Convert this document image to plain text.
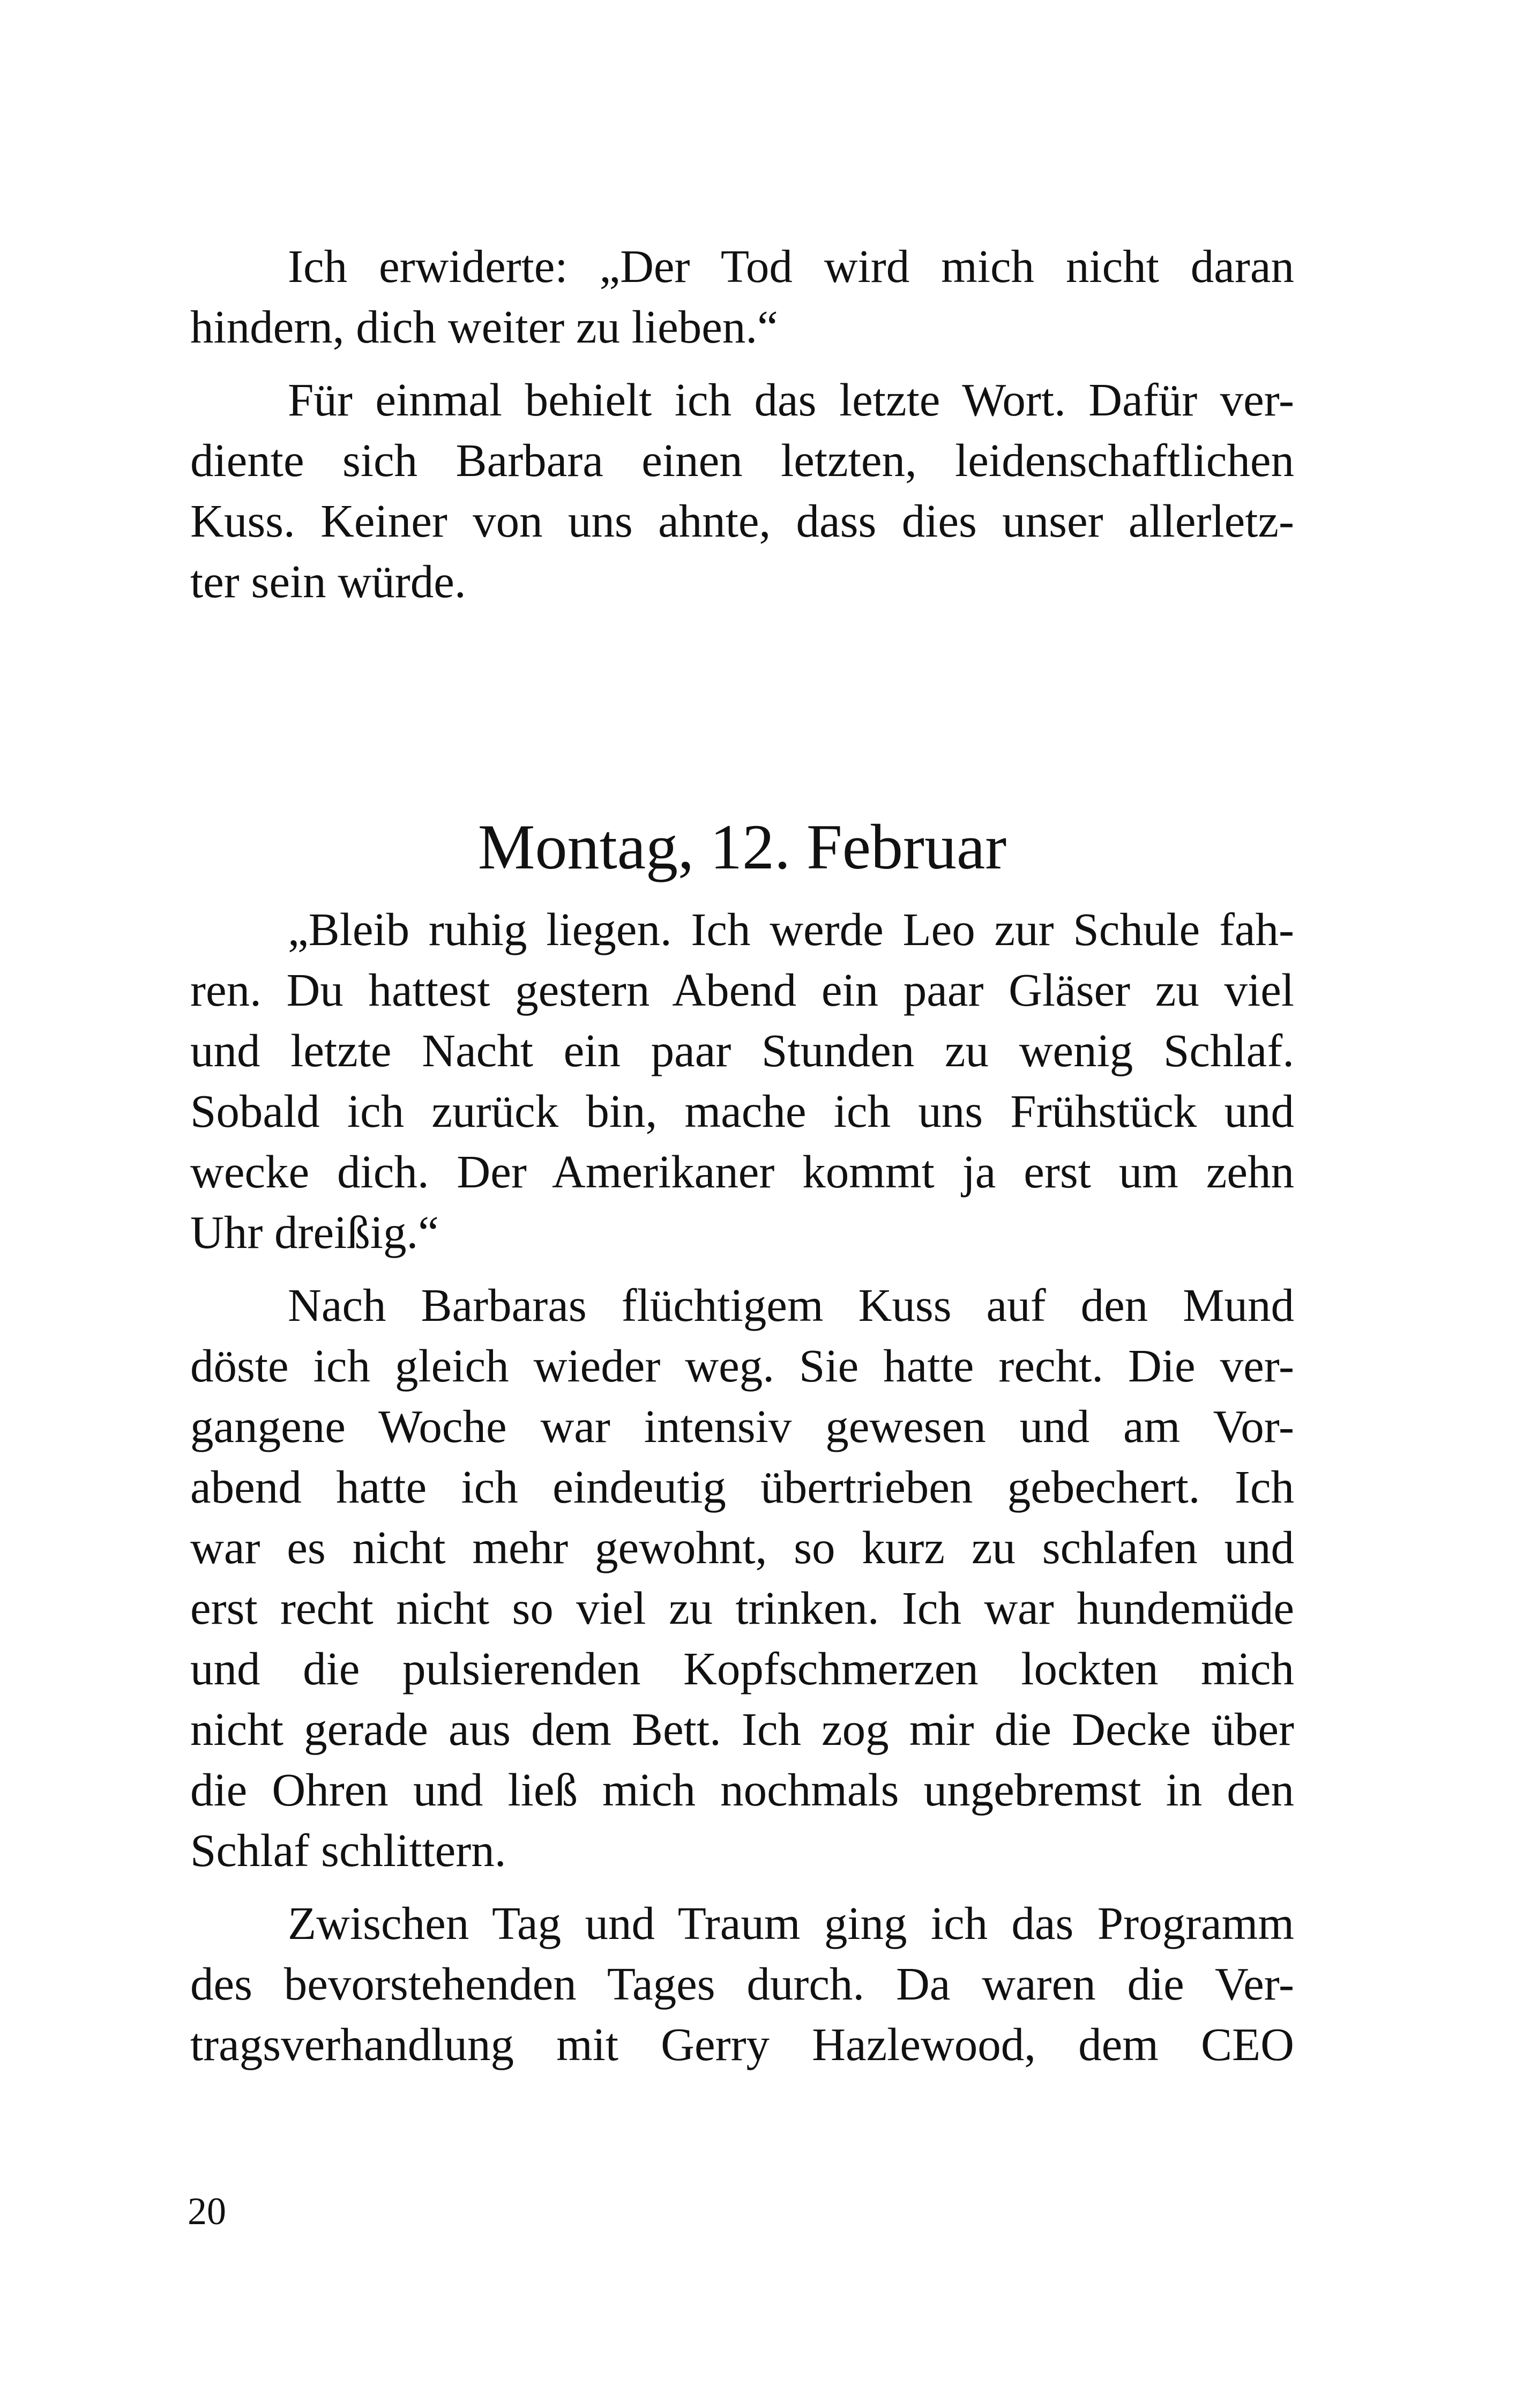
Ich erwiderte: „Der Tod wird mich nicht daran
hindern, dich weiter zu lieben.“

Für einmal behielt ich das letzte Wort. Dafür ver-
diente sich Barbara einen letzten, leidenschaftlichen
Kuss. Keiner von uns ahnte, dass dies unser allerletz-
ter sein würde.

Montag, 12. Februar

„Bleib ruhig liegen. Ich werde Leo zur Schule fah-
ren. Du hattest gestern Abend ein paar Gläser zu viel
und letzte Nacht ein paar Stunden zu wenig Schlaf.
Sobald ich zurück bin, mache ich uns Frühstück und
wecke dich. Der Amerikaner kommt ja erst um zehn
Uhr dreißig.“

Nach Barbaras flüchtigem Kuss auf den Mund
döste ich gleich wieder weg. Sie hatte recht. Die ver-
gangene Woche war intensiv gewesen und am Vor-
abend hatte ich eindeutig übertrieben gebechert. Ich
war es nicht mehr gewohnt, so kurz zu schlafen und
erst recht nicht so viel zu trinken. Ich war hundemüde
und die pulsierenden Kopfschmerzen lockten mich
nicht gerade aus dem Bett. Ich zog mir die Decke über
die Ohren und ließ mich nochmals ungebremst in den
Schlaf schlittern.

Zwischen Tag und Traum ging ich das Programm
des bevorstehenden Tages durch. Da waren die Ver-
tragsverhandlung mit Gerry Hazlewood, dem CEO

20
